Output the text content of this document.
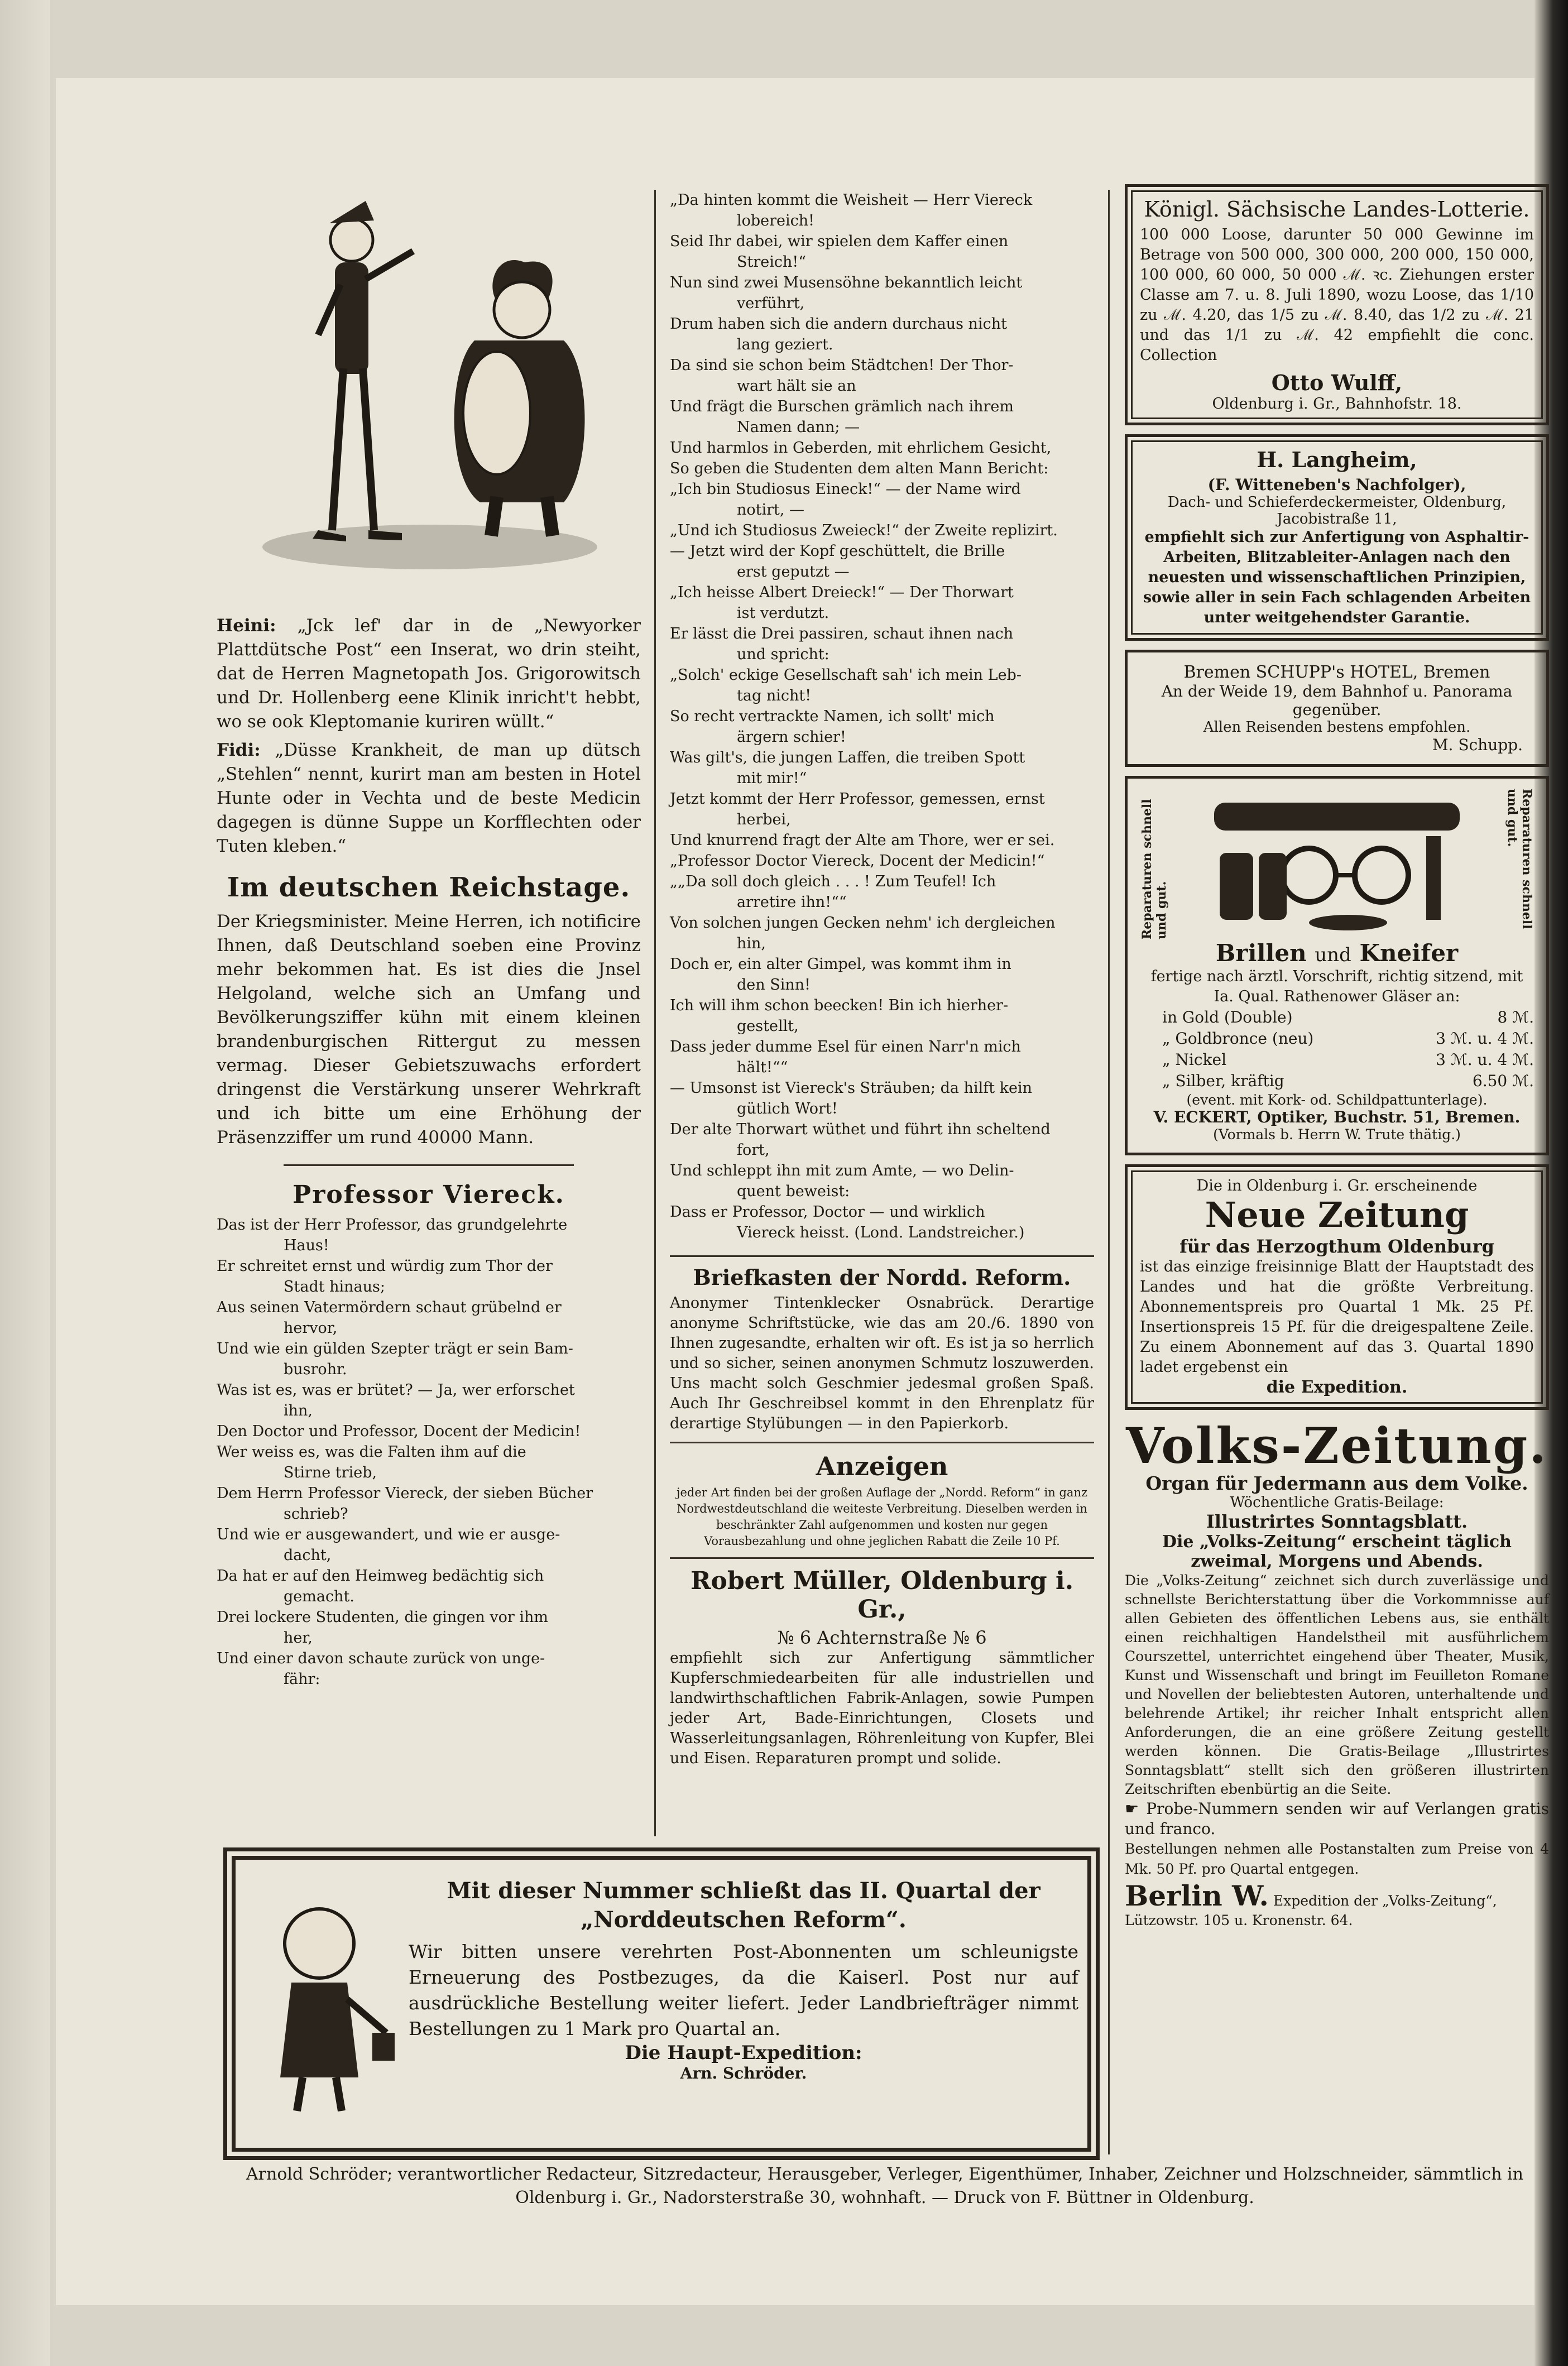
Heini: „Jck lef' dar in de „Newyorker Plattdütsche Post“ een Inserat, wo drin steiht, dat de Herren Magnetopath Jos. Grigorowitsch und Dr. Hollenberg eene Klinik inricht't hebbt, wo se ook Kleptomanie kuriren wüllt.“

Fidi: „Düsse Krankheit, de man up dütsch „Stehlen“ nennt, kurirt man am besten in Hotel Hunte oder in Vechta und de beste Medicin dagegen is dünne Suppe un Korfflechten oder Tuten kleben.“

Im deutschen Reichstage.

Der Kriegsminister. Meine Herren, ich notificire Ihnen, daß Deutschland soeben eine Provinz mehr bekommen hat. Es ist dies die Jnsel Helgoland, welche sich an Umfang und Bevölkerungsziffer kühn mit einem kleinen brandenburgischen Rittergut zu messen vermag. Dieser Gebietszuwachs erfordert dringenst die Verstärkung unserer Wehrkraft und ich bitte um eine Erhöhung der Präsenzziffer um rund 40000 Mann.

Professor Viereck.
Das ist der Herr Professor, das grundgelehrte
Haus!
Er schreitet ernst und würdig zum Thor der
Stadt hinaus;
Aus seinen Vatermördern schaut grübelnd er
hervor,
Und wie ein gülden Szepter trägt er sein Bam-
busrohr.
Was ist es, was er brütet? — Ja, wer erforschet
ihn,
Den Doctor und Professor, Docent der Medicin!
Wer weiss es, was die Falten ihm auf die
Stirne trieb,
Dem Herrn Professor Viereck, der sieben Bücher
schrieb?
Und wie er ausgewandert, und wie er ausge-
dacht,
Da hat er auf den Heimweg bedächtig sich
gemacht.
Drei lockere Studenten, die gingen vor ihm
her,
Und einer davon schaute zurück von unge-
fähr:
„Da hinten kommt die Weisheit — Herr Viereck
lobereich!
Seid Ihr dabei, wir spielen dem Kaffer einen
Streich!“
Nun sind zwei Musensöhne bekanntlich leicht
verführt,
Drum haben sich die andern durchaus nicht
lang geziert.
Da sind sie schon beim Städtchen! Der Thor-
wart hält sie an
Und frägt die Burschen grämlich nach ihrem
Namen dann; —
Und harmlos in Geberden, mit ehrlichem Gesicht,
So geben die Studenten dem alten Mann Bericht:
„Ich bin Studiosus Eineck!“ — der Name wird
notirt, —
„Und ich Studiosus Zweieck!“ der Zweite replizirt.
— Jetzt wird der Kopf geschüttelt, die Brille
erst geputzt —
„Ich heisse Albert Dreieck!“ — Der Thorwart
ist verdutzt.
Er lässt die Drei passiren, schaut ihnen nach
und spricht:
„Solch' eckige Gesellschaft sah' ich mein Leb-
tag nicht!
So recht vertrackte Namen, ich sollt' mich
ärgern schier!
Was gilt's, die jungen Laffen, die treiben Spott
mit mir!“
Jetzt kommt der Herr Professor, gemessen, ernst
herbei,
Und knurrend fragt der Alte am Thore, wer er sei.
„Professor Doctor Viereck, Docent der Medicin!“
„„Da soll doch gleich . . . ! Zum Teufel! Ich
arretire ihn!““
Von solchen jungen Gecken nehm' ich dergleichen
hin,
Doch er, ein alter Gimpel, was kommt ihm in
den Sinn!
Ich will ihm schon beecken! Bin ich hierher-
gestellt,
Dass jeder dumme Esel für einen Narr'n mich
hält!““
— Umsonst ist Viereck's Sträuben; da hilft kein
gütlich Wort!
Der alte Thorwart wüthet und führt ihn scheltend
fort,
Und schleppt ihn mit zum Amte, — wo Delin-
quent beweist:
Dass er Professor, Doctor — und wirklich
Viereck heisst. (Lond. Landstreicher.)
Briefkasten der Nordd. Reform.

Anonymer Tintenklecker Osnabrück. Derartige anonyme Schriftstücke, wie das am 20./6. 1890 von Ihnen zugesandte, erhalten wir oft. Es ist ja so herrlich und so sicher, seinen anonymen Schmutz loszuwerden. Uns macht solch Geschmier jedesmal großen Spaß. Auch Ihr Geschreibsel kommt in den Ehrenplatz für derartige Stylübungen — in den Papierkorb.

Anzeigen

jeder Art finden bei der großen Auflage der „Nordd. Reform“ in ganz Nordwestdeutschland die weiteste Verbreitung. Dieselben werden in beschränkter Zahl aufgenommen und kosten nur gegen Vorausbezahlung und ohne jeglichen Rabatt die Zeile 10 Pf.

Robert Müller, Oldenburg i. Gr.,
№ 6 Achternstraße № 6

empfiehlt sich zur Anfertigung sämmtlicher Kupferschmiedearbeiten für alle industriellen und landwirthschaftlichen Fabrik-Anlagen, sowie Pumpen jeder Art, Bade-Einrichtungen, Closets und Wasserleitungsanlagen, Röhrenleitung von Kupfer, Blei und Eisen. Reparaturen prompt und solide.

Königl. Sächsische Landes-Lotterie.

100 000 Loose, darunter 50 000 Gewinne im Betrage von 500 000, 300 000, 200 000, 150 000, 100 000, 60 000, 50 000 ℳ. ꝛc. Ziehungen erster Classe am 7. u. 8. Juli 1890, wozu Loose, das 1/10 zu ℳ. 4.20, das 1/5 zu ℳ. 8.40, das 1/2 zu ℳ. 21 und das 1/1 zu ℳ. 42 empfiehlt die conc. Collection

Otto Wulff,
Oldenburg i. Gr., Bahnhofstr. 18.
H. Langheim,
(F. Witteneben's Nachfolger),
Dach- und Schieferdeckermeister, Oldenburg, Jacobistraße 11,

empfiehlt sich zur Anfertigung von Asphaltir-Arbeiten, Blitzableiter-Anlagen nach den neuesten und wissenschaftlichen Prinzipien, sowie aller in sein Fach schlagenden Arbeiten unter weitgehendster Garantie.

Bremen SCHUPP's HOTEL, Bremen
An der Weide 19, dem Bahnhof u. Panorama gegenüber.
Allen Reisenden bestens empfohlen.
M. Schupp.
Reparaturen schnell und gut.	Reparaturen schnell und gut.
Brillen und Kneifer

fertige nach ärztl. Vorschrift, richtig sitzend, mit Ia. Qual. Rathenower Gläser an:

in Gold (Double)	8 ℳ.
„ Goldbronce (neu)	3 ℳ. u. 4 ℳ.
„ Nickel	3 ℳ. u. 4 ℳ.
„ Silber, kräftig	6.50 ℳ.
(event. mit Kork- od. Schildpattunterlage).
V. ECKERT, Optiker, Buchstr. 51, Bremen.
(Vormals b. Herrn W. Trute thätig.)
Die in Oldenburg i. Gr. erscheinende
Neue Zeitung
für das Herzogthum Oldenburg

ist das einzige freisinnige Blatt der Hauptstadt des Landes und hat die größte Verbreitung. Abonnementspreis pro Quartal 1 Mk. 25 Pf. Insertionspreis 15 Pf. für die dreigespaltene Zeile. Zu einem Abonnement auf das 3. Quartal 1890 ladet ergebenst ein

die Expedition.

Volks-Zeitung.

Organ für Jedermann aus dem Volke.
Wöchentliche Gratis-Beilage:
Illustrirtes Sonntagsblatt.
Die „Volks-Zeitung“ erscheint täglich zweimal, Morgens und Abends.

Die „Volks-Zeitung“ zeichnet sich durch zuverlässige und schnellste Berichterstattung über die Vorkommnisse auf allen Gebieten des öffentlichen Lebens aus, sie enthält einen reichhaltigen Handelstheil mit ausführlichem Courszettel, unterrichtet eingehend über Theater, Musik, Kunst und Wissenschaft und bringt im Feuilleton Romane und Novellen der beliebtesten Autoren, unterhaltende und belehrende Artikel; ihr reicher Inhalt entspricht allen Anforderungen, die an eine größere Zeitung gestellt werden können. Die Gratis-Beilage „Illustrirtes Sonntagsblatt“ stellt sich den größeren illustrirten Zeitschriften ebenbürtig an die Seite.

☛ Probe-Nummern senden wir auf Verlangen gratis und franco.

Bestellungen nehmen alle Postanstalten zum Preise von 4 Mk. 50 Pf. pro Quartal entgegen.

Berlin W. Expedition der „Volks-Zeitung“, Lützowstr. 105 u. Kronenstr. 64.
Mit dieser Nummer schließt das II. Quartal der „Norddeutschen Reform“.

Wir bitten unsere verehrten Post-Abonnenten um schleunigste Erneuerung des Postbezuges, da die Kaiserl. Post nur auf ausdrückliche Bestellung weiter liefert. Jeder Landbriefträger nimmt Bestellungen zu 1 Mark pro Quartal an.

Die Haupt-Expedition:
Arn. Schröder.
Arnold Schröder; verantwortlicher Redacteur, Sitzredacteur, Herausgeber, Verleger, Eigenthümer, Inhaber, Zeichner und Holzschneider, sämmtlich in Oldenburg i. Gr., Nadorsterstraße 30, wohnhaft. — Druck von F. Büttner in Oldenburg.
